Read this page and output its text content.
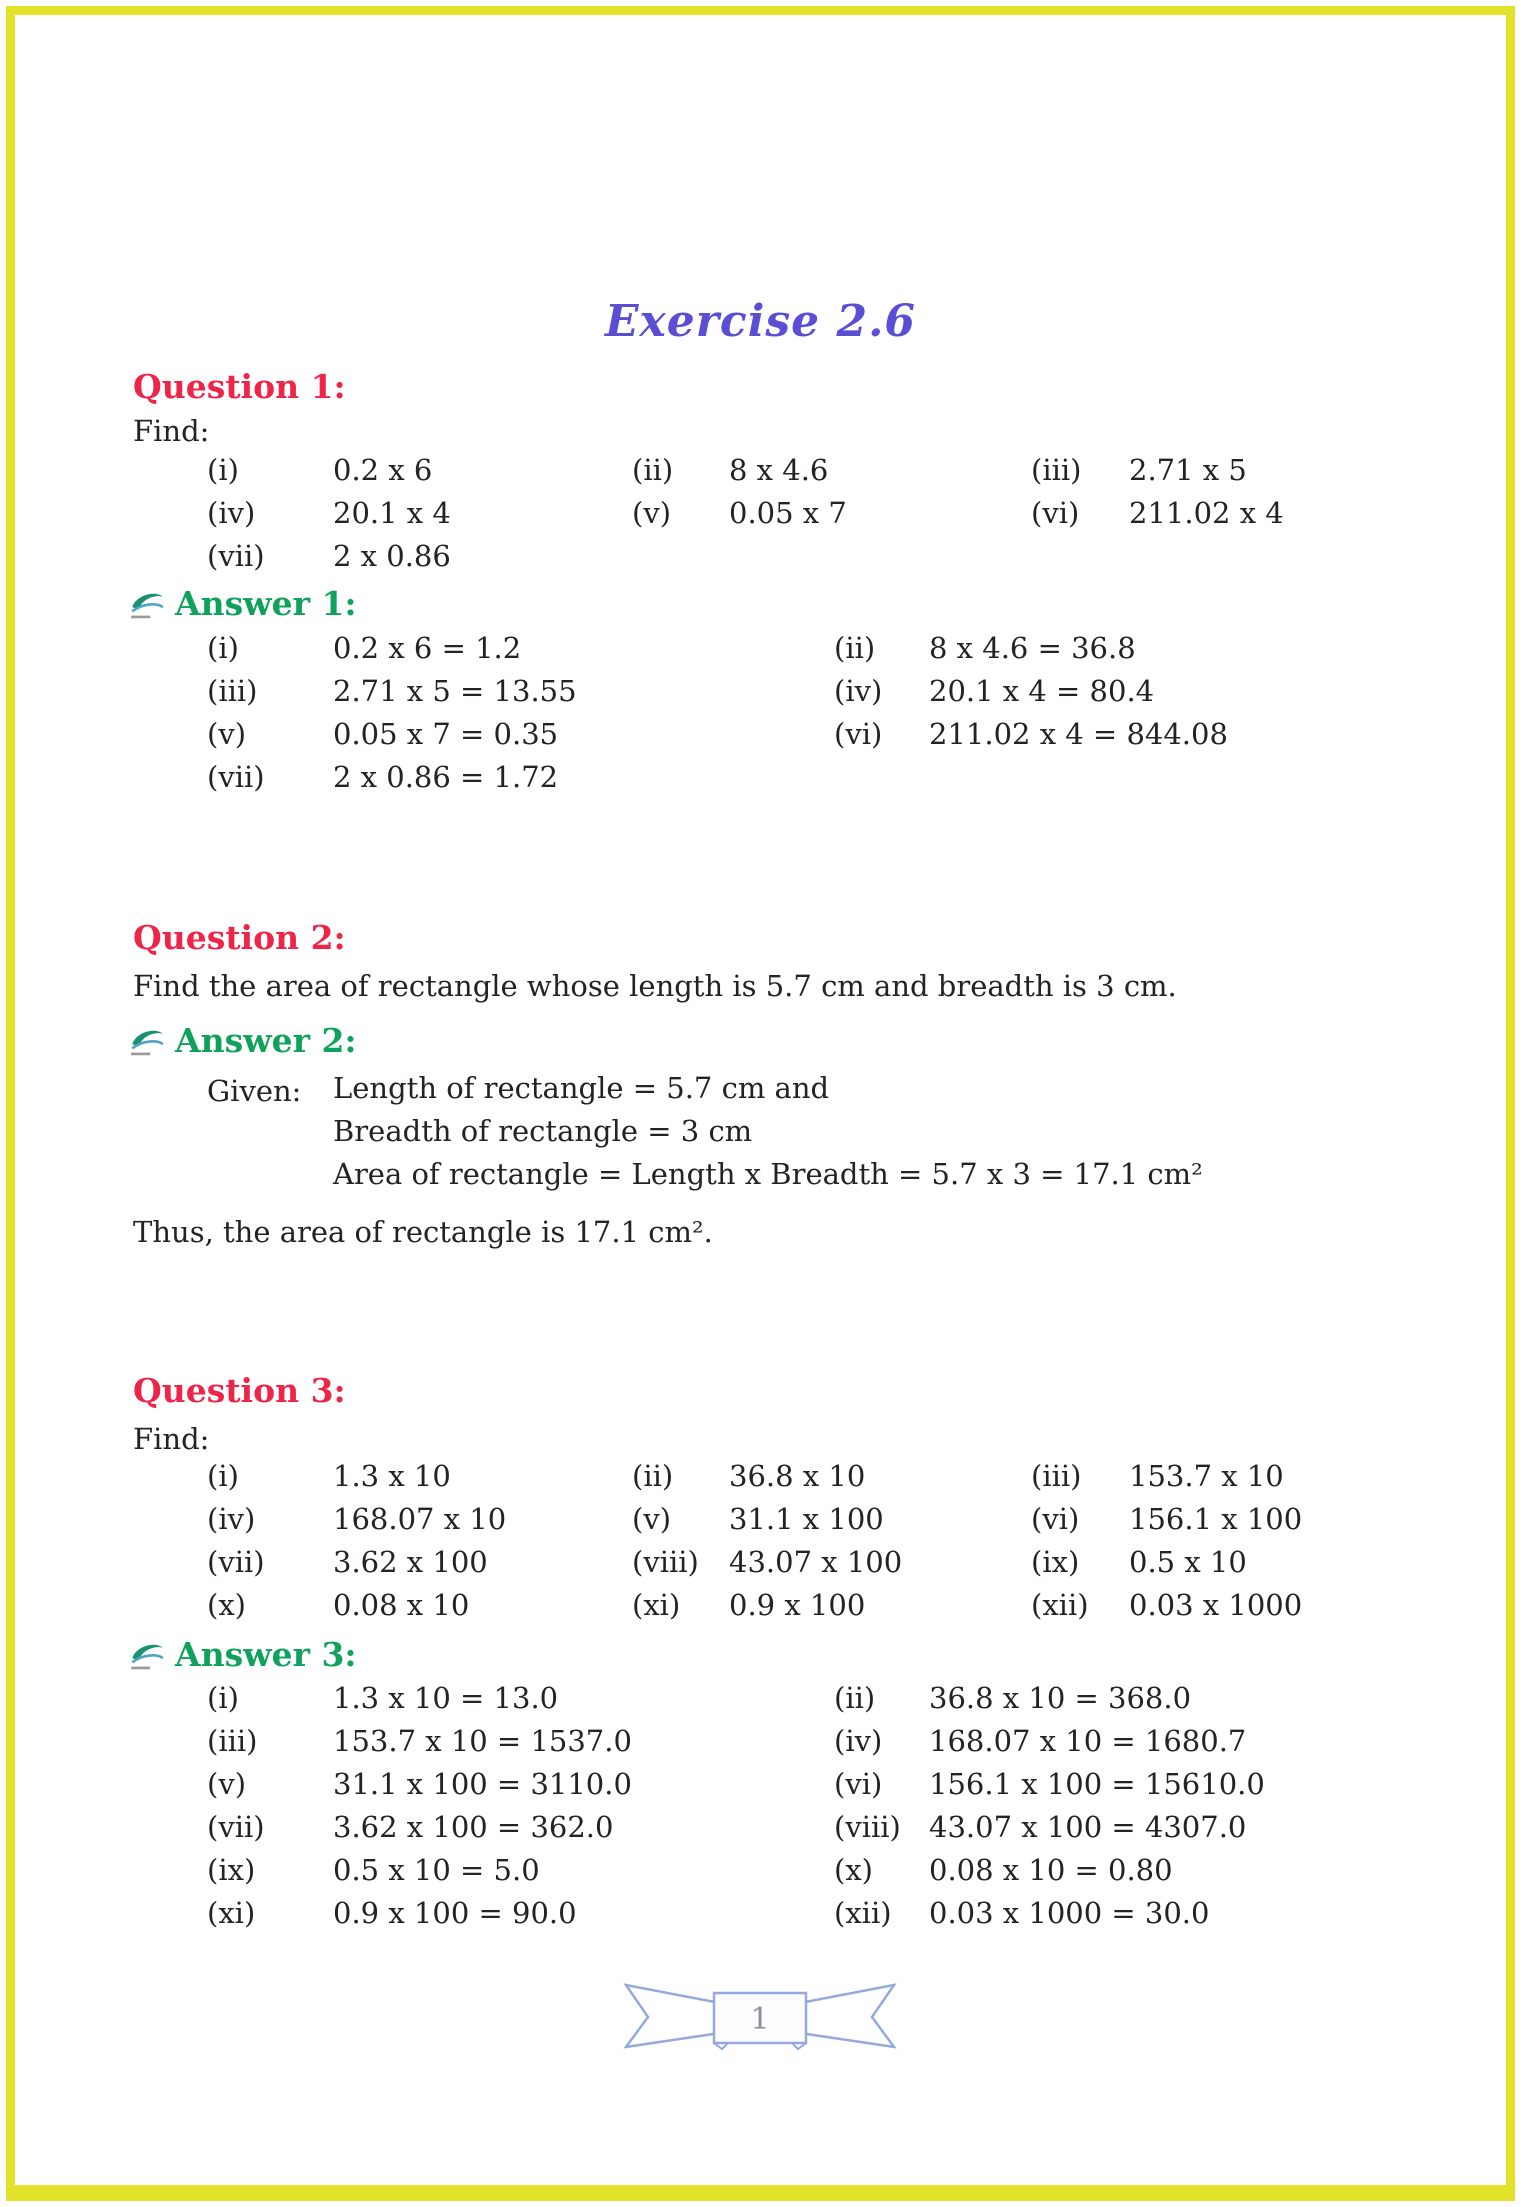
Exercise 2.6
Question 1:
Find:
(i)	0.2 x 6	(ii)	8 x 4.6	(iii)	2.71 x 5
(iv)	20.1 x 4	(v)	0.05 x 7	(vi)	211.02 x 4
(vii)	2 x 0.86
Answer 1:
(i)	0.2 x 6 = 1.2	(ii)	8 x 4.6 = 36.8
(iii)	2.71 x 5 = 13.55	(iv)	20.1 x 4 = 80.4
(v)	0.05 x 7 = 0.35	(vi)	211.02 x 4 = 844.08
(vii)	2 x 0.86 = 1.72
Question 2:
Find the area of rectangle whose length is 5.7 cm and breadth is 3 cm.
Answer 2:
Given: Length of rectangle = 5.7 cm and
Breadth of rectangle = 3 cm
Area of rectangle = Length x Breadth = 5.7 x 3 = 17.1 cm²
Thus, the area of rectangle is 17.1 cm².
Question 3:
Find:
(i)	1.3 x 10	(ii)	36.8 x 10	(iii)	153.7 x 10
(iv)	168.07 x 10	(v)	31.1 x 100	(vi)	156.1 x 100
(vii)	3.62 x 100	(viii)	43.07 x 100	(ix)	0.5 x 10
(x)	0.08 x 10	(xi)	0.9 x 100	(xii)	0.03 x 1000
Answer 3:
(i)	1.3 x 10 = 13.0	(ii)	36.8 x 10 = 368.0
(iii)	153.7 x 10 = 1537.0	(iv)	168.07 x 10 = 1680.7
(v)	31.1 x 100 = 3110.0	(vi)	156.1 x 100 = 15610.0
(vii)	3.62 x 100 = 362.0	(viii) 43.07 x 100 = 4307.0
(ix)	0.5 x 10 = 5.0	(x)	0.08 x 10 = 0.80
(xi)	0.9 x 100 = 90.0	(xii)	0.03 x 1000 = 30.0
1
